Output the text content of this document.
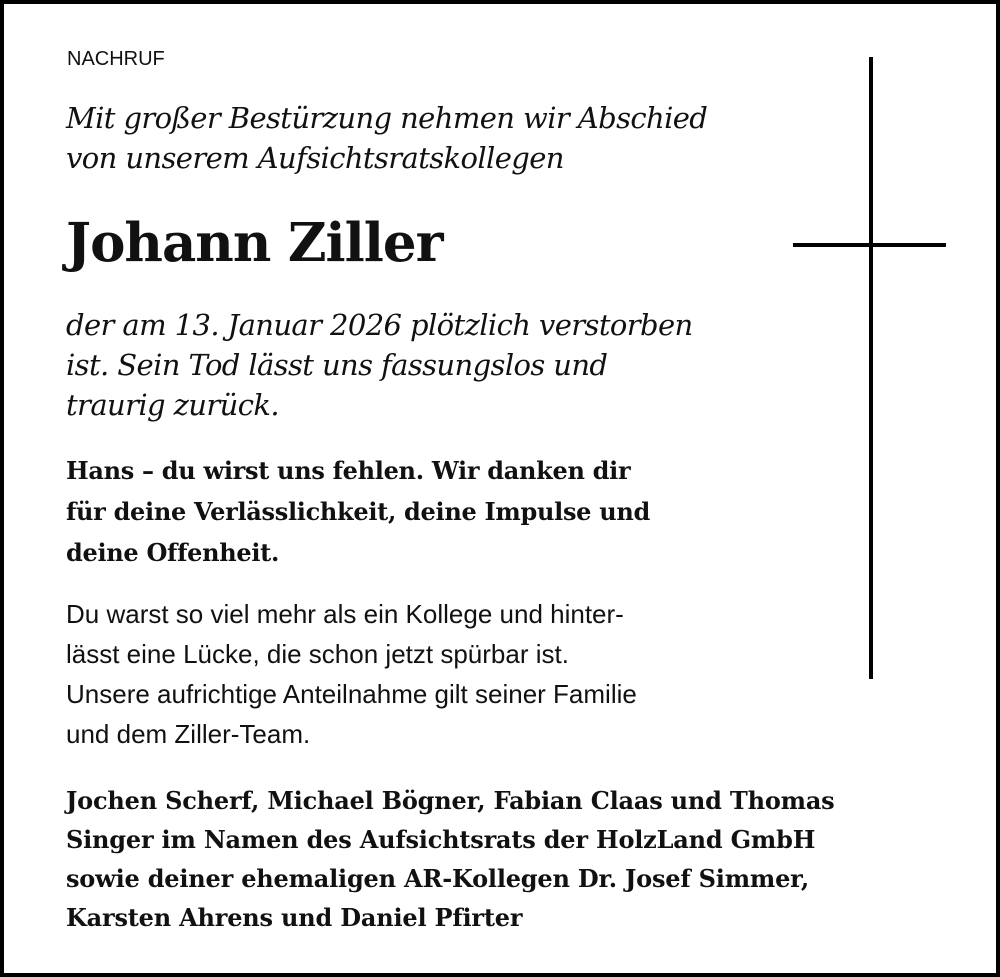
NACHRUF
Mit großer Bestürzung nehmen wir Abschied
von unserem Aufsichtsratskollegen
Johann Ziller
der am 13. Januar 2026 plötzlich verstorben
ist. Sein Tod lässt uns fassungslos und
traurig zurück.
Hans – du wirst uns fehlen. Wir danken dir
für deine Verlässlichkeit, deine Impulse und
deine Offenheit.
Du warst so viel mehr als ein Kollege und hinter-
lässt eine Lücke, die schon jetzt spürbar ist.
Unsere aufrichtige Anteilnahme gilt seiner Familie
und dem Ziller-Team.
Jochen Scherf, Michael Bögner, Fabian Claas und Thomas
Singer im Namen des Aufsichtsrats der HolzLand GmbH
sowie deiner ehemaligen AR-Kollegen Dr. Josef Simmer,
Karsten Ahrens und Daniel Pfirter
